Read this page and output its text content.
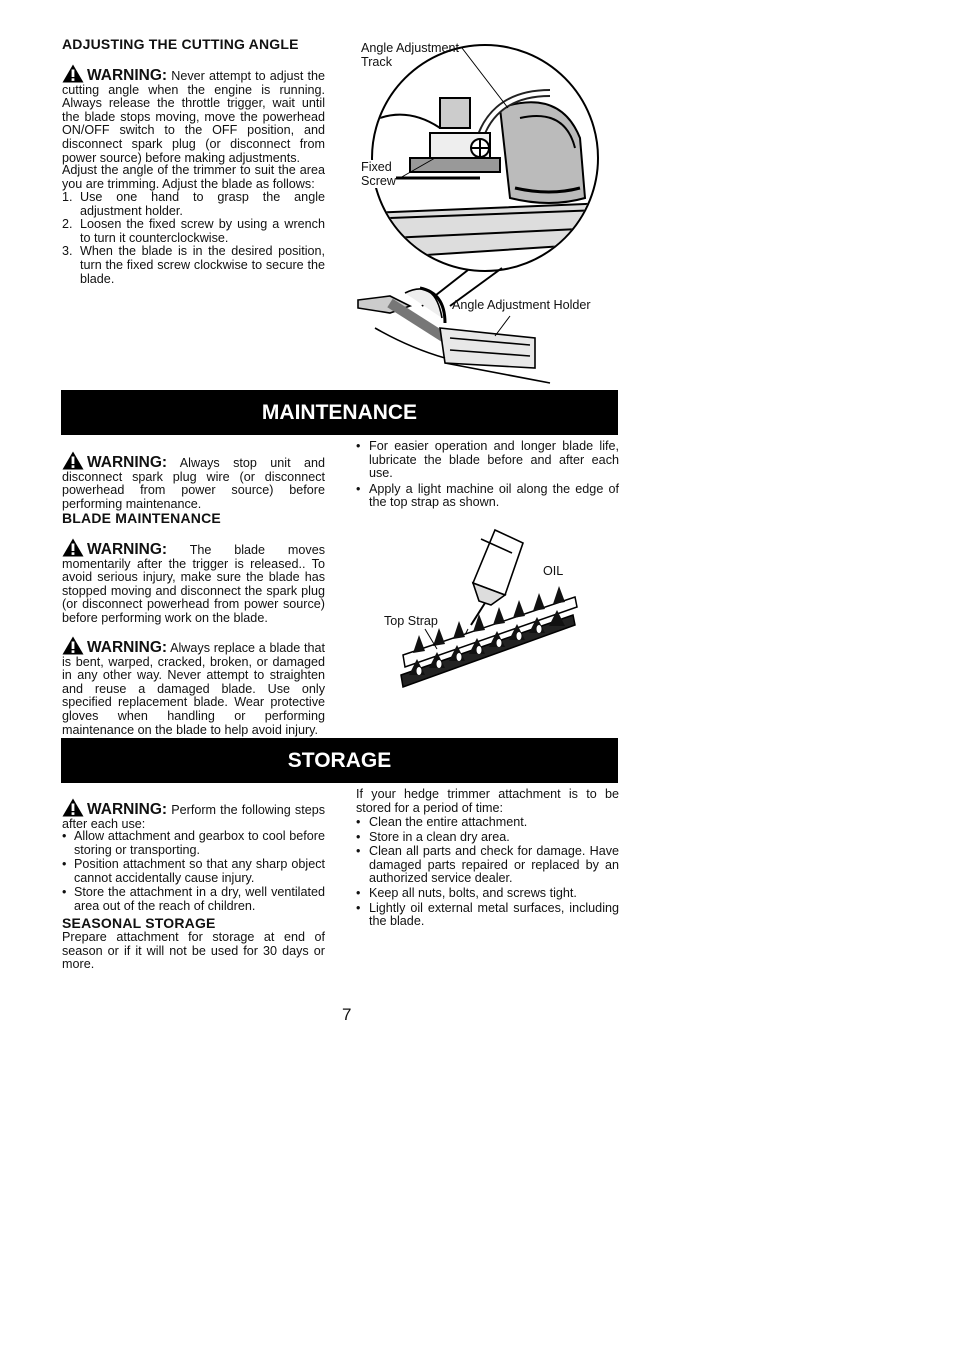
ADJUSTING THE CUTTING ANGLE
WARNING: Never attempt to adjust the cutting angle when the engine is running. Always release the throttle trigger, wait until the blade stops moving, move the powerhead ON/OFF switch to the OFF position, and disconnect spark plug (or disconnect from power source) before making adjustments.
Adjust the angle of the trimmer to suit the area you are trimming. Adjust the blade as follows:
1. Use one hand to grasp the angle adjustment holder.
2. Loosen the fixed screw by using a wrench to turn it counterclockwise.
3. When the blade is in the desired position, turn the fixed screw clockwise to secure the blade.
Angle Adjustment
Track
Fixed
Screw
Angle Adjustment Holder
MAINTENANCE
WARNING: Always stop unit and disconnect spark plug wire (or disconnect powerhead from power source) before performing maintenance.
BLADE MAINTENANCE
WARNING: The blade moves momentarily after the trigger is released.. To avoid serious injury, make sure the blade has stopped moving and disconnect the spark plug (or disconnect powerhead from power source) before performing work on the blade.
WARNING: Always replace a blade that is bent, warped, cracked, broken, or damaged in any other way. Never attempt to straighten and reuse a damaged blade. Use only specified replacement blade. Wear protective gloves when handling or performing maintenance on the blade to help avoid injury.
• For easier operation and longer blade life, lubricate the blade before and after each use.
• Apply a light machine oil along the edge of the top strap as shown.
OIL
Top Strap
STORAGE
WARNING: Perform the following steps after each use:
• Allow attachment and gearbox to cool before storing or transporting.
• Position attachment so that any sharp object cannot accidentally cause injury.
• Store the attachment in a dry, well ventilated area out of the reach of children.
SEASONAL STORAGE
Prepare attachment for storage at end of season or if it will not be used for 30 days or more.
If your hedge trimmer attachment is to be stored for a period of time:
• Clean the entire attachment.
• Store in a clean dry area.
• Clean all parts and check for damage. Have damaged parts repaired or replaced by an authorized service dealer.
• Keep all nuts, bolts, and screws tight.
• Lightly oil external metal surfaces, including the blade.
7
